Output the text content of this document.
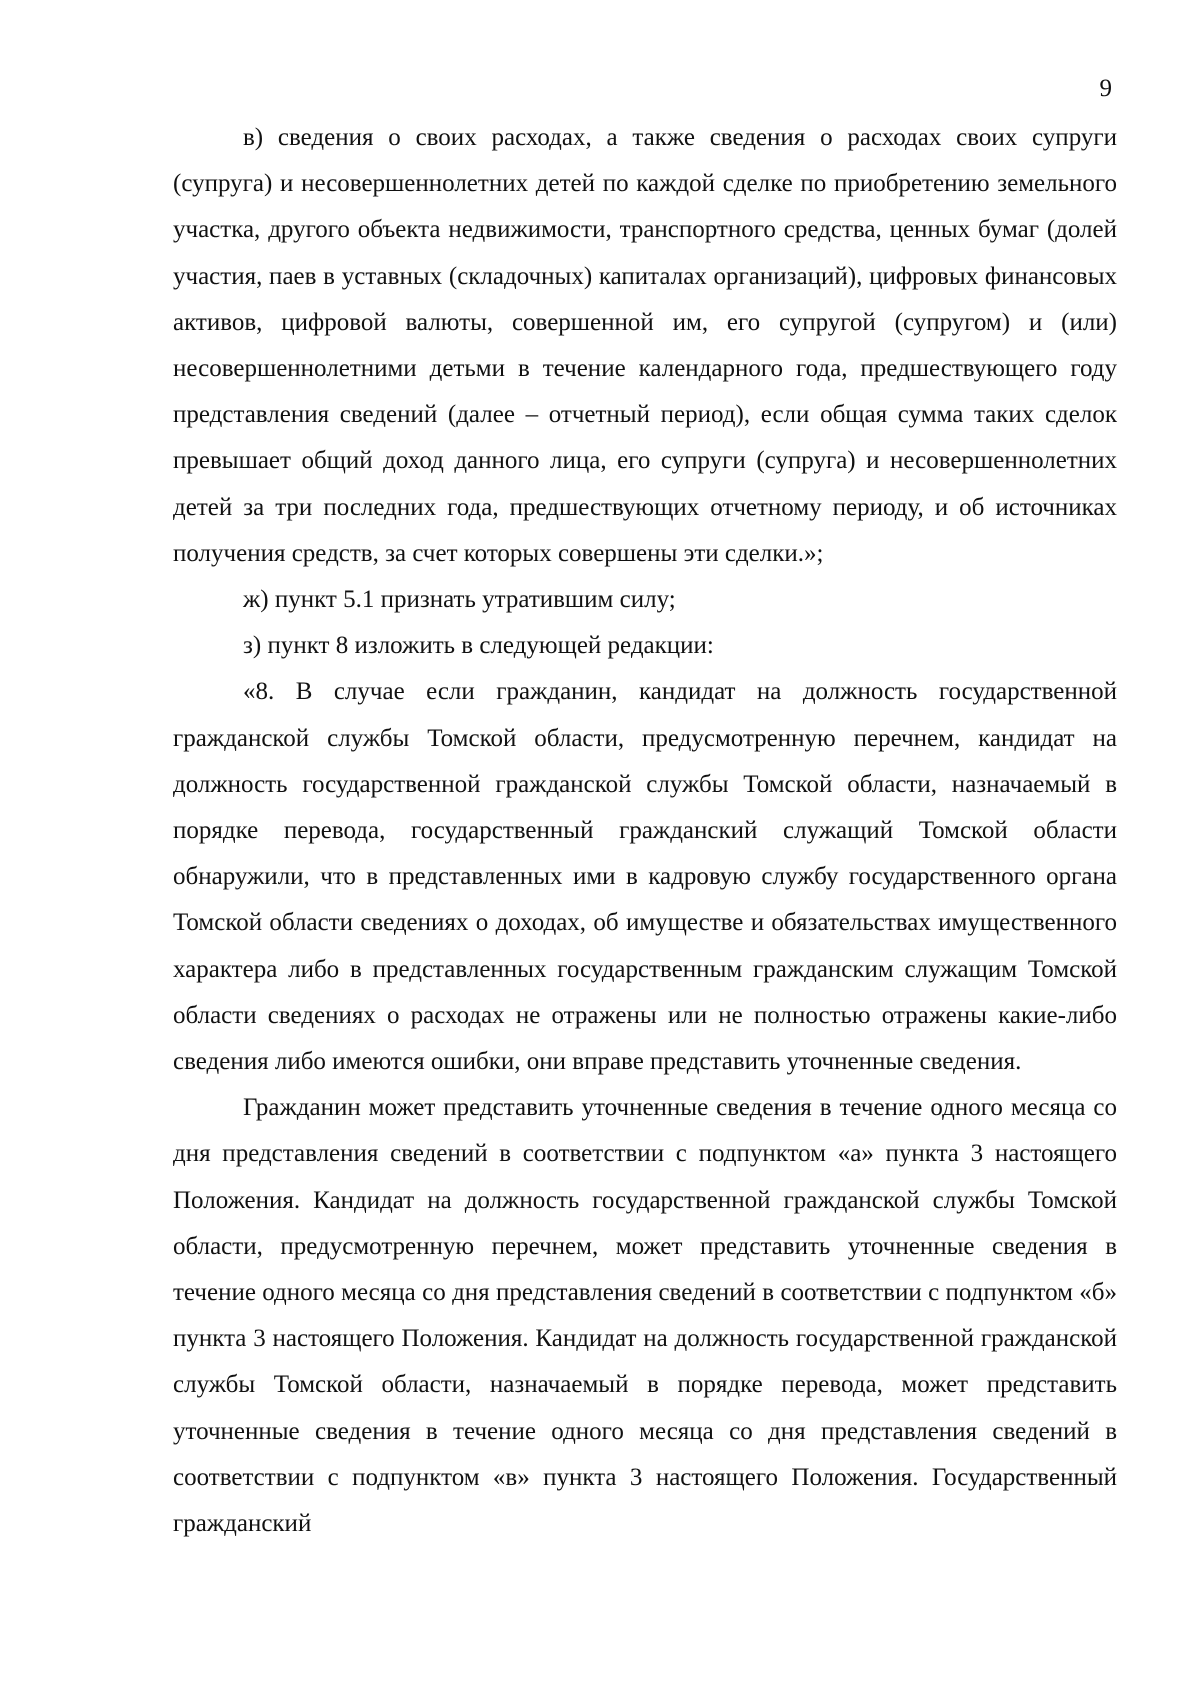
9

в) сведения о своих расходах, а также сведения о расходах своих супруги (супруга) и несовершеннолетних детей по каждой сделке по приобретению земельного участка, другого объекта недвижимости, транспортного средства, ценных бумаг (долей участия, паев в уставных (складочных) капиталах организаций), цифровых финансовых активов, цифровой валюты, совершенной им, его супругой (супругом) и (или) несовершеннолетними детьми в течение календарного года, предшествующего году представления сведений (далее – отчетный период), если общая сумма таких сделок превышает общий доход данного лица, его супруги (супруга) и несовершеннолетних детей за три последних года, предшествующих отчетному периоду, и об источниках получения средств, за счет которых совершены эти сделки.»;

ж) пункт 5.1 признать утратившим силу;

з) пункт 8 изложить в следующей редакции:

«8. В случае если гражданин, кандидат на должность государственной гражданской службы Томской области, предусмотренную перечнем, кандидат на должность государственной гражданской службы Томской области, назначаемый в порядке перевода, государственный гражданский служащий Томской области обнаружили, что в представленных ими в кадровую службу государственного органа Томской области сведениях о доходах, об имуществе и обязательствах имущественного характера либо в представленных государственным гражданским служащим Томской области сведениях о расходах не отражены или не полностью отражены какие-либо сведения либо имеются ошибки, они вправе представить уточненные сведения.

Гражданин может представить уточненные сведения в течение одного месяца со дня представления сведений в соответствии с подпунктом «а» пункта 3 настоящего Положения. Кандидат на должность государственной гражданской службы Томской области, предусмотренную перечнем, может представить уточненные сведения в течение одного месяца со дня представления сведений в соответствии с подпунктом «б» пункта 3 настоящего Положения. Кандидат на должность государственной гражданской службы Томской области, назначаемый в порядке перевода, может представить уточненные сведения в течение одного месяца со дня представления сведений в соответствии с подпунктом «в» пункта 3 настоящего Положения. Государственный гражданский
